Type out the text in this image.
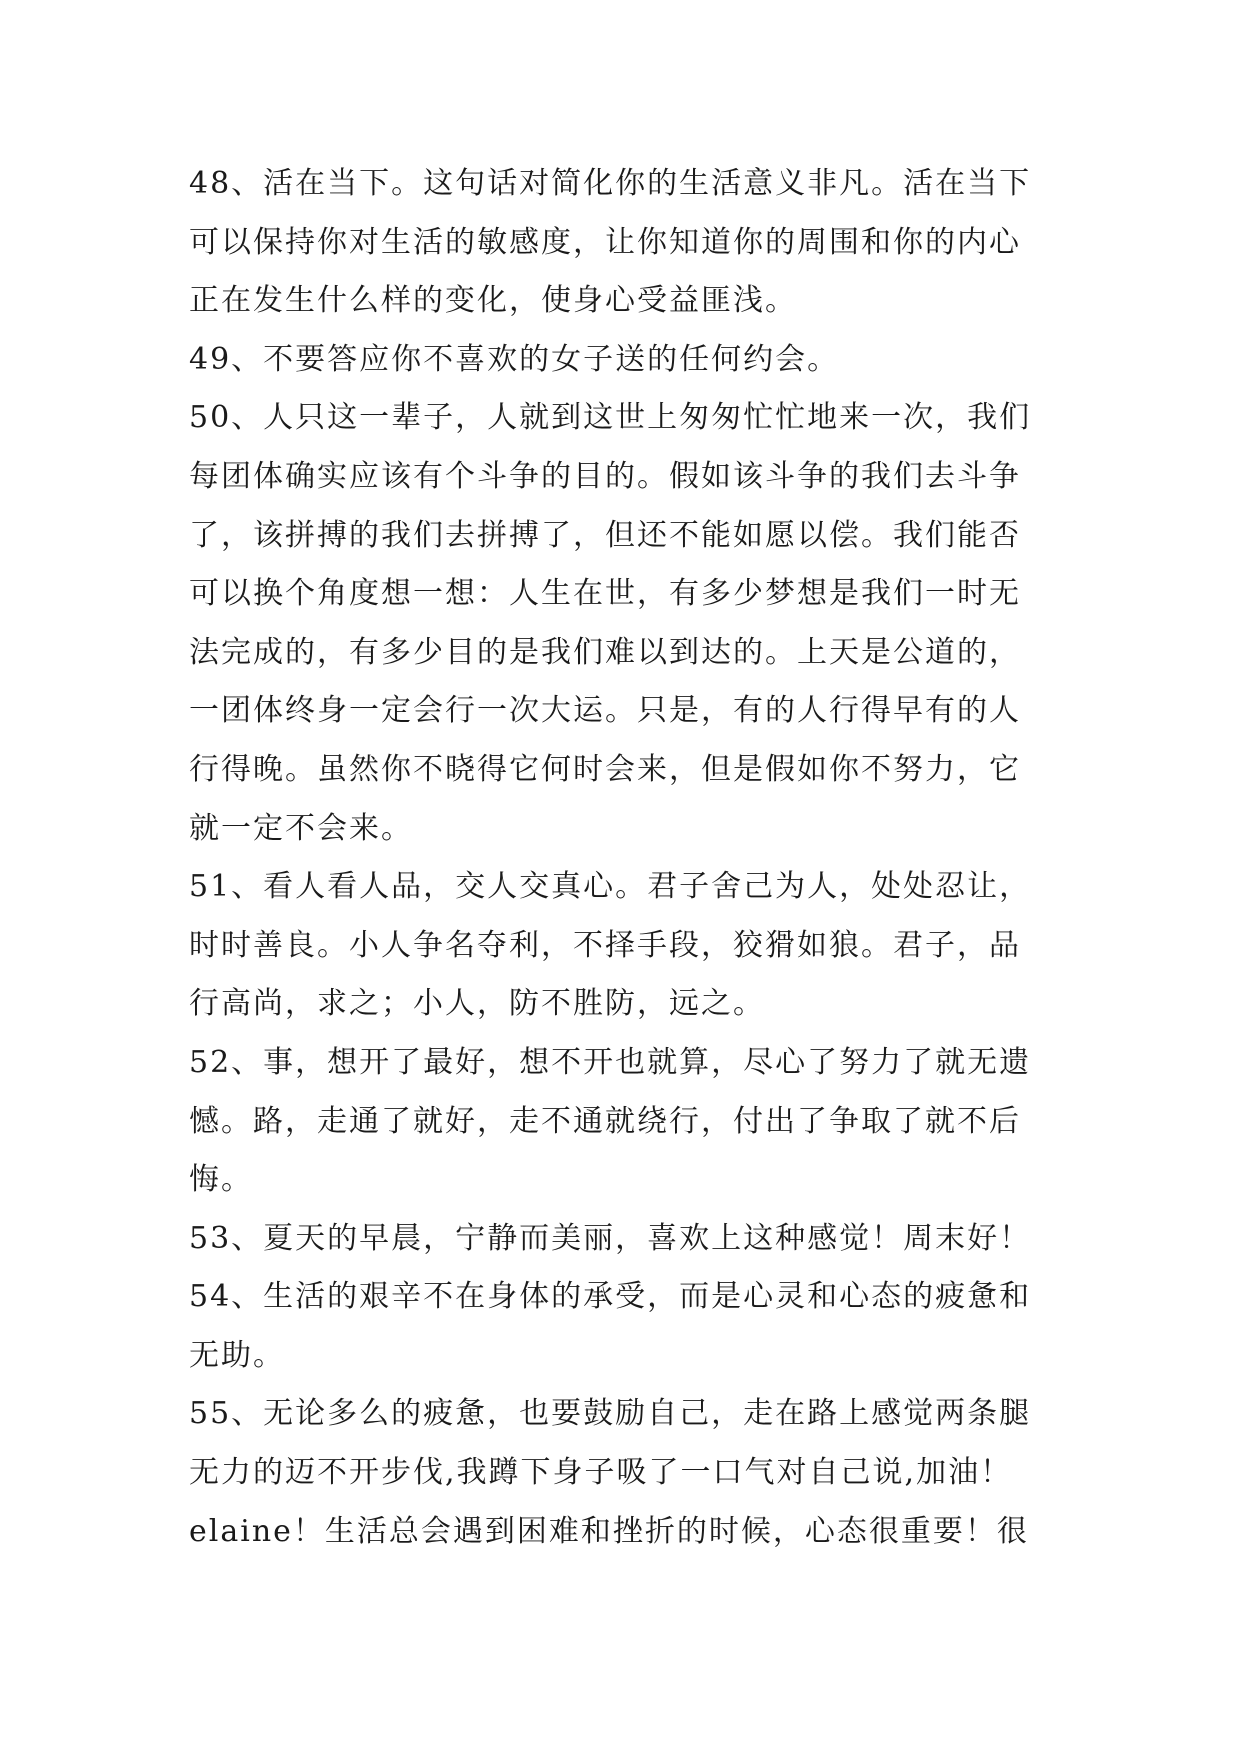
48、活在当下。这句话对简化你的生活意义非凡。活在当下
可以保持你对生活的敏感度，让你知道你的周围和你的内心
正在发生什么样的变化，使身心受益匪浅。
49、不要答应你不喜欢的女子送的任何约会。
50、人只这一辈子，人就到这世上匆匆忙忙地来一次，我们
每团体确实应该有个斗争的目的。假如该斗争的我们去斗争
了，该拼搏的我们去拼搏了，但还不能如愿以偿。我们能否
可以换个角度想一想：人生在世，有多少梦想是我们一时无
法完成的，有多少目的是我们难以到达的。上天是公道的，
一团体终身一定会行一次大运。只是，有的人行得早有的人
行得晚。虽然你不晓得它何时会来，但是假如你不努力，它
就一定不会来。
51、看人看人品，交人交真心。君子舍己为人，处处忍让，
时时善良。小人争名夺利，不择手段，狡猾如狼。君子，品
行高尚，求之；小人，防不胜防，远之。
52、事，想开了最好，想不开也就算，尽心了努力了就无遗
憾。路，走通了就好，走不通就绕行，付出了争取了就不后
悔。
53、夏天的早晨，宁静而美丽，喜欢上这种感觉！周末好！
54、生活的艰辛不在身体的承受，而是心灵和心态的疲惫和
无助。
55、无论多么的疲惫，也要鼓励自己，走在路上感觉两条腿
无力的迈不开步伐,我蹲下身子吸了一口气对自己说,加油！
elaine！生活总会遇到困难和挫折的时候，心态很重要！很
